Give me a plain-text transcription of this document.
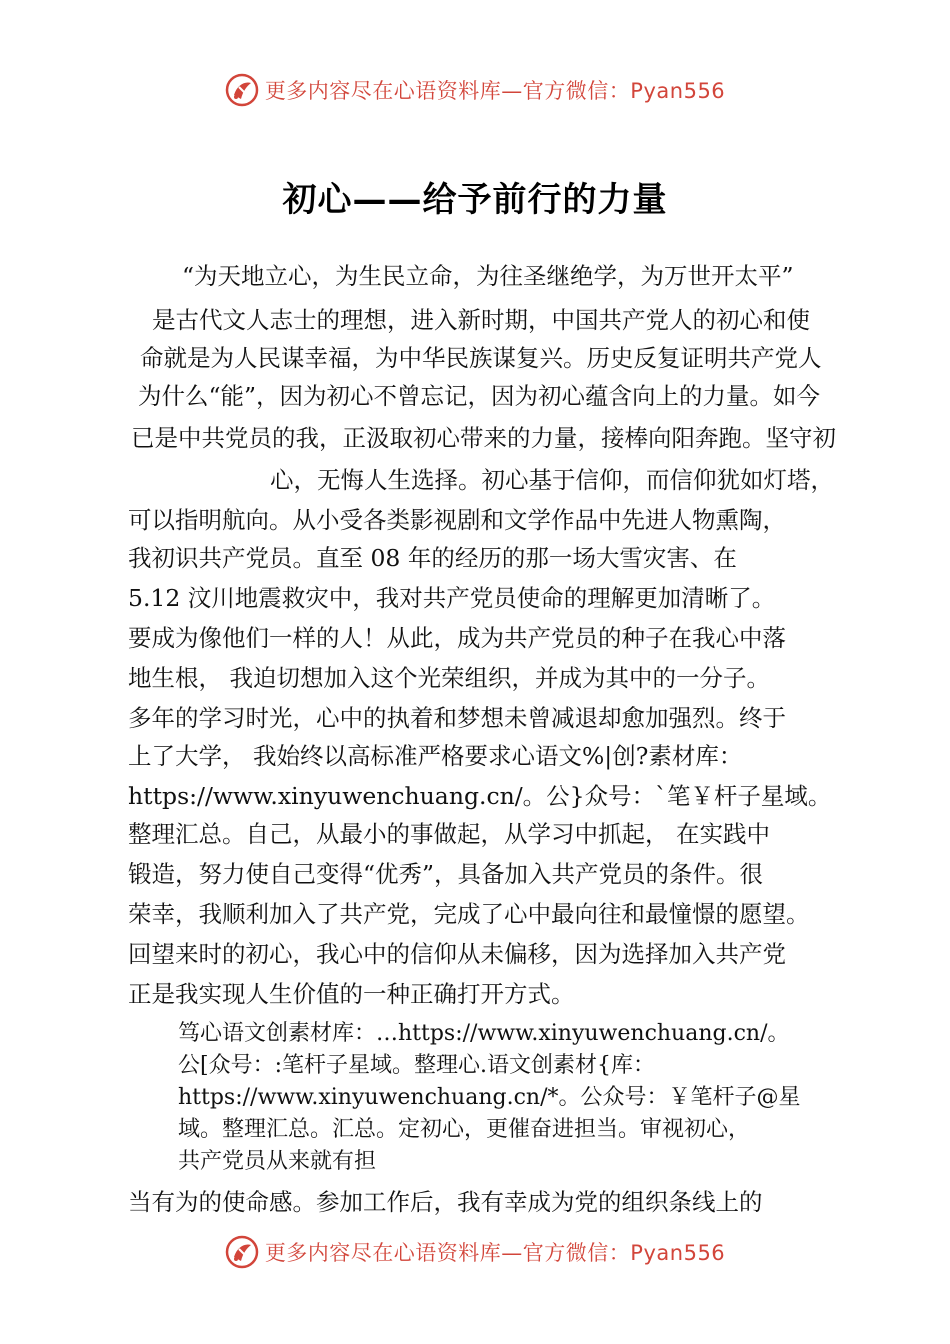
更多内容尽在心语资料库—官方微信：Pyan556
初心——给予前行的力量
“为天地立心，为生民立命，为往圣继绝学，为万世开太平”
是古代文人志士的理想，进入新时期，中国共产党人的初心和使
命就是为人民谋幸福，为中华民族谋复兴。历史反复证明共产党人
为什么“能”，因为初心不曾忘记，因为初心蕴含向上的力量。如今
已是中共党员的我，正汲取初心带来的力量，接棒向阳奔跑。坚守初
心，无悔人生选择。初心基于信仰，而信仰犹如灯塔，
可以指明航向。从小受各类影视剧和文学作品中先进人物熏陶，
我初识共产党员。直至 08 年的经历的那一场大雪灾害、在
5.12 汶川地震救灾中，我对共产党员使命的理解更加清晰了。
要成为像他们一样的人！从此，成为共产党员的种子在我心中落
地生根， 我迫切想加入这个光荣组织，并成为其中的一分子。
多年的学习时光，心中的执着和梦想未曾减退却愈加强烈。终于
上了大学， 我始终以高标准严格要求心语文%|创?素材库：
https://www.xinyuwenchuang.cn/。公}众号：`笔￥杆子星域。
整理汇总。自己，从最小的事做起，从学习中抓起， 在实践中
锻造，努力使自己变得“优秀”，具备加入共产党员的条件。很
荣幸，我顺利加入了共产党，完成了心中最向往和最憧憬的愿望。
回望来时的初心，我心中的信仰从未偏移，因为选择加入共产党
正是我实现人生价值的一种正确打开方式。
笃心语文创素材库：…https://www.xinyuwenchuang.cn/。
公[众号：:笔杆子星域。整理心.语文创素材{库：
https://www.xinyuwenchuang.cn/*。公众号：￥笔杆子@星
域。整理汇总。汇总。定初心，更催奋进担当。审视初心，
共产党员从来就有担
当有为的使命感。参加工作后，我有幸成为党的组织条线上的
更多内容尽在心语资料库—官方微信：Pyan556
